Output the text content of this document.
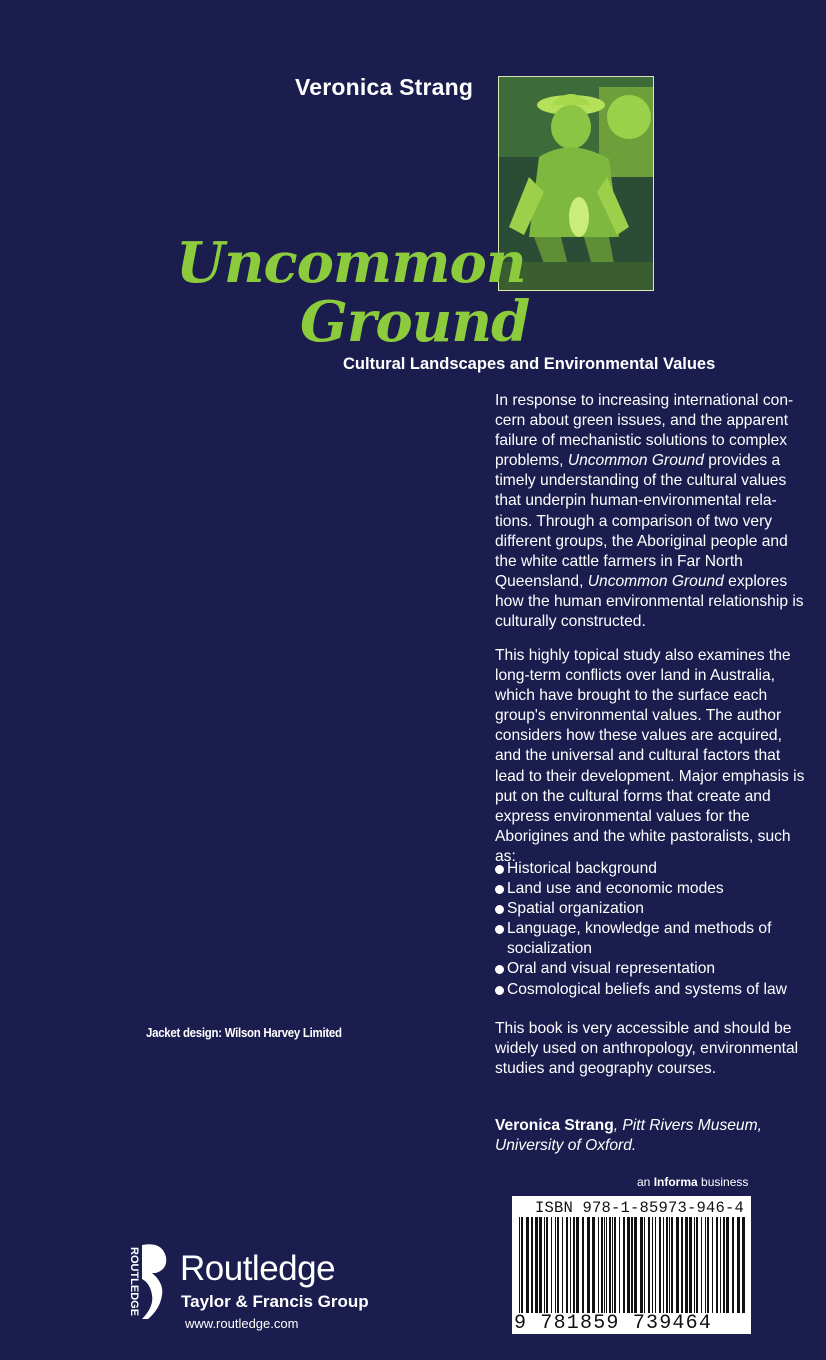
Veronica Strang
Uncommon
Ground
Cultural Landscapes and Environmental Values

In response to increasing international con-cern about green issues, and the apparent failure of mechanistic solutions to complex problems, Uncommon Ground provides a timely understanding of the cultural values that underpin human-environmental rela-tions. Through a comparison of two very different groups, the Aboriginal people and the white cattle farmers in Far North Queensland, Uncommon Ground explores how the human environmental relationship is culturally constructed.

This highly topical study also examines the long-term conflicts over land in Australia, which have brought to the surface each group's environmental values. The author considers how these values are acquired, and the universal and cultural factors that lead to their development. Major emphasis is put on the cultural forms that create and express environmental values for the Aborigines and the white pastoralists, such as:

Historical background
Land use and economic modes
Spatial organization
Language, knowledge and methods of socialization
Oral and visual representation
Cosmological beliefs and systems of law

This book is very accessible and should be widely used on anthropology, environmental studies and geography courses.

Veronica Strang, Pitt Rivers Museum, University of Oxford.

Jacket design: Wilson Harvey Limited
an Informa business
ISBN 978-1-85973-946-4
9 781859 739464
ROUTLEDGE Routledge
Taylor & Francis Group
www.routledge.com
